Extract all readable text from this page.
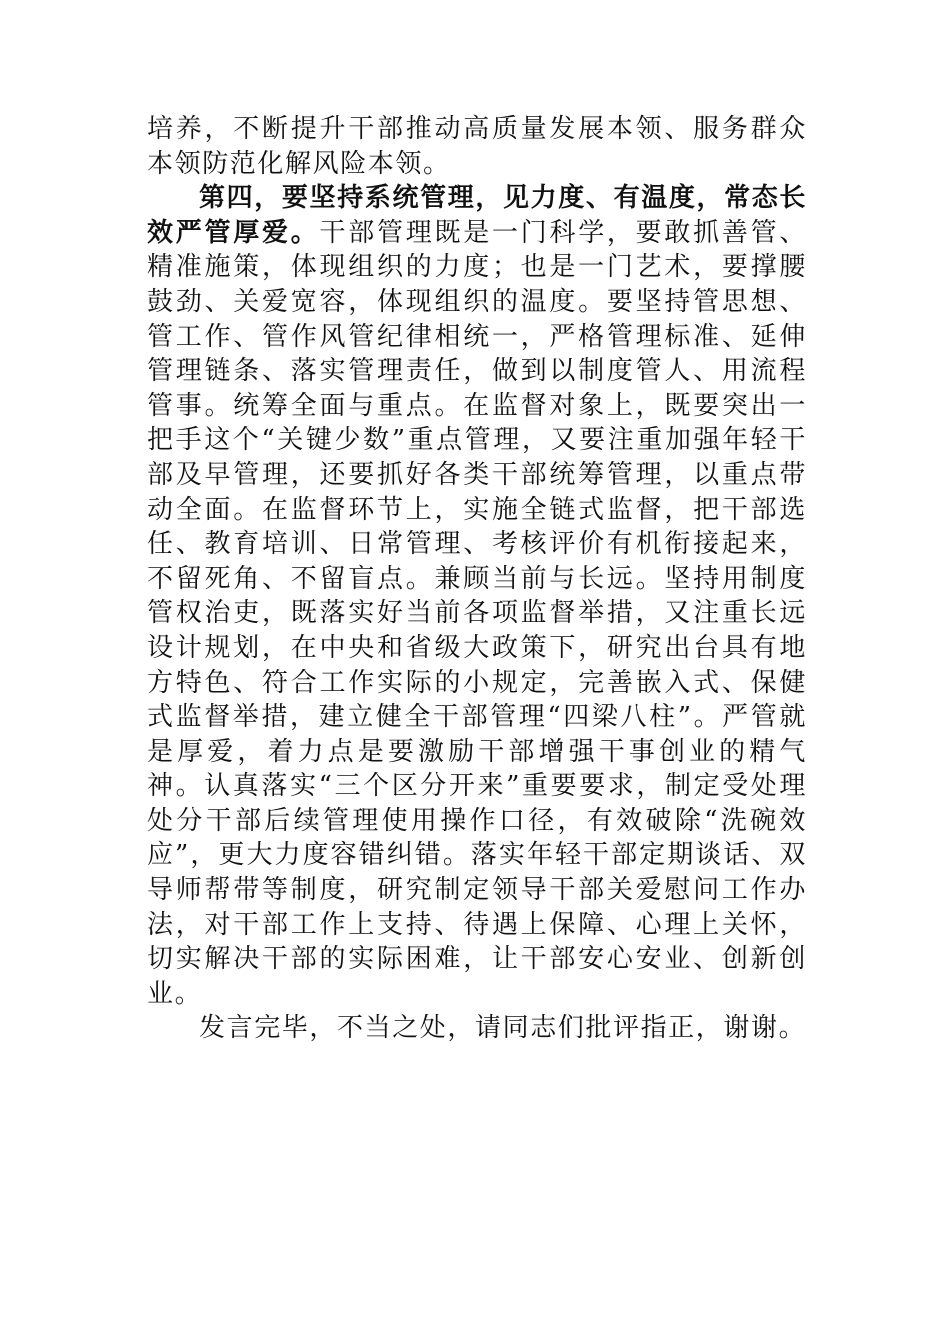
培养，不断提升干部推动高质量发展本领、服务群众本领防范化解风险本领。

第四，要坚持系统管理，见力度、有温度，常态长效严管厚爱。干部管理既是一门科学，要敢抓善管、精准施策，体现组织的力度；也是一门艺术，要撑腰鼓劲、关爱宽容，体现组织的温度。要坚持管思想、管工作、管作风管纪律相统一，严格管理标准、延伸管理链条、落实管理责任，做到以制度管人、用流程管事。统筹全面与重点。在监督对象上，既要突出一把手这个“关键少数”重点管理，又要注重加强年轻干部及早管理，还要抓好各类干部统筹管理，以重点带动全面。在监督环节上，实施全链式监督，把干部选任、教育培训、日常管理、考核评价有机衔接起来，不留死角、不留盲点。兼顾当前与长远。坚持用制度管权治吏，既落实好当前各项监督举措，又注重长远设计规划，在中央和省级大政策下，研究出台具有地方特色、符合工作实际的小规定，完善嵌入式、保健式监督举措，建立健全干部管理“四梁八柱”。严管就是厚爱，着力点是要激励干部增强干事创业的精气神。认真落实“三个区分开来”重要要求，制定受处理处分干部后续管理使用操作口径，有效破除“洗碗效应”，更大力度容错纠错。落实年轻干部定期谈话、双导师帮带等制度，研究制定领导干部关爱慰问工作办法，对干部工作上支持、待遇上保障、心理上关怀，切实解决干部的实际困难，让干部安心安业、创新创业。

发言完毕，不当之处，请同志们批评指正，谢谢。
